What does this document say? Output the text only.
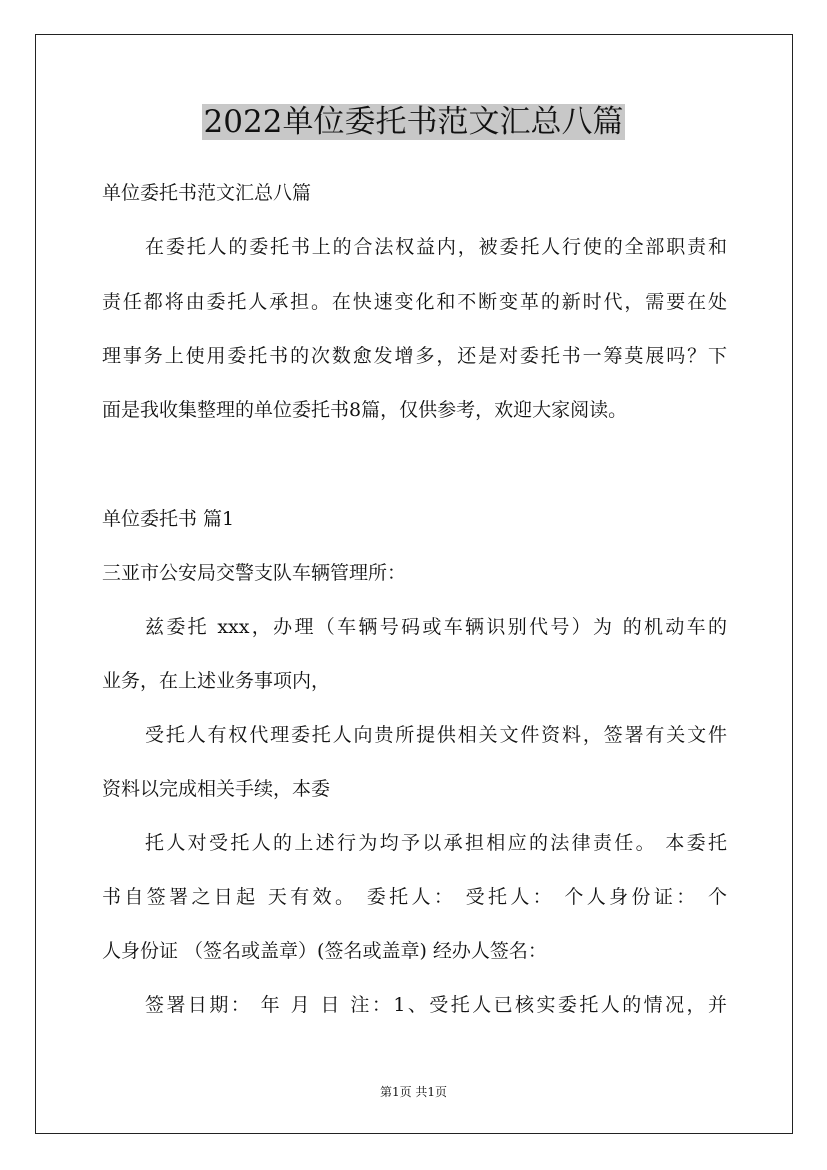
2022单位委托书范文汇总八篇

单位委托书范文汇总八篇

在委托人的委托书上的合法权益内，被委托人行使的全部职责和

责任都将由委托人承担。在快速变化和不断变革的新时代，需要在处

理事务上使用委托书的次数愈发增多，还是对委托书一筹莫展吗？下

面是我收集整理的单位委托书8篇，仅供参考，欢迎大家阅读。

单位委托书 篇1

三亚市公安局交警支队车辆管理所：

兹委托 xxx，办理（车辆号码或车辆识别代号）为 的机动车的

业务，在上述业务事项内，

受托人有权代理委托人向贵所提供相关文件资料，签署有关文件

资料以完成相关手续，本委

托人对受托人的上述行为均予以承担相应的法律责任。 本委托

书自签署之日起 天有效。 委托人： 受托人： 个人身份证： 个

人身份证 （签名或盖章）(签名或盖章) 经办人签名：

签署日期： 年 月 日 注：1、受托人已核实委托人的情况，并

第1页 共1页
